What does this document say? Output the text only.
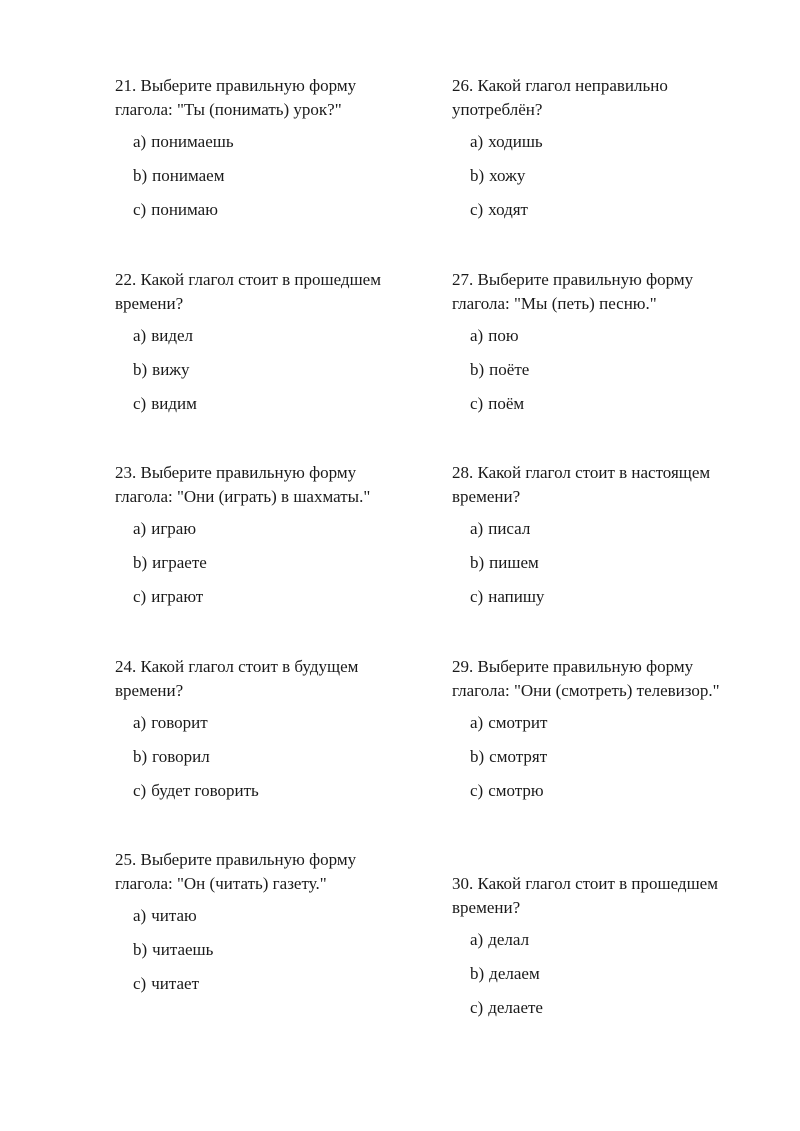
21. Выберите правильную форму глагола: "Ты (понимать) урок?"

a) понимаешь
b) понимаем
c) понимаю

22. Какой глагол стоит в прошедшем времени?

a) видел
b) вижу
c) видим

23. Выберите правильную форму глагола: "Они (играть) в шахматы."

a) играю
b) играете
c) играют

24. Какой глагол стоит в будущем времени?

a) говорит
b) говорил
c) будет говорить

25. Выберите правильную форму глагола: "Он (читать) газету."

a) читаю
b) читаешь
c) читает

26. Какой глагол неправильно употреблён?

a) ходишь
b) хожу
c) ходят

27. Выберите правильную форму глагола: "Мы (петь) песню."

a) пою
b) поёте
c) поём

28. Какой глагол стоит в настоящем времени?

a) писал
b) пишем
c) напишу

29. Выберите правильную форму глагола: "Они (смотреть) телевизор."

a) смотрит
b) смотрят
c) смотрю

30. Какой глагол стоит в прошедшем времени?

a) делал
b) делаем
c) делаете
